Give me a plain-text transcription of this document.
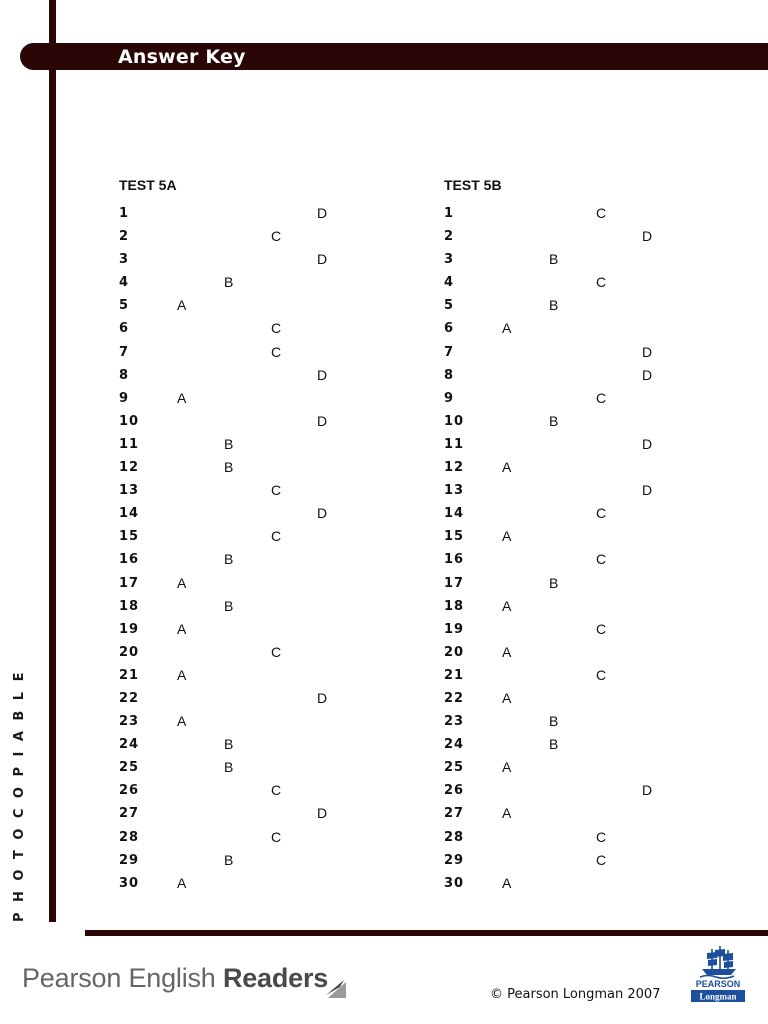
Answer Key
PHOTOCOPIABLE
TEST 5A	TEST 5B
1	D
2	C
3	D
4	B
5	A
6	C
7	C
8	D
9	A
10	D
11	B
12	B
13	C
14	D
15	C
16	B
17	A
18	B
19	A
20	C
21	A
22	D
23	A
24	B
25	B
26	C
27	D
28	C
29	B
30	A
1	C
2	D
3	B
4	C
5	B
6	A
7	D
8	D
9	C
10	B
11	D
12	A
13	D
14	C
15	A
16	C
17	B
18	A
19	C
20	A
21	C
22	A
23	B
24	B
25	A
26	D
27	A
28	C
29	C
30	A
Pearson English Readers
© Pearson Longman 2007
PEARSON
Longman
